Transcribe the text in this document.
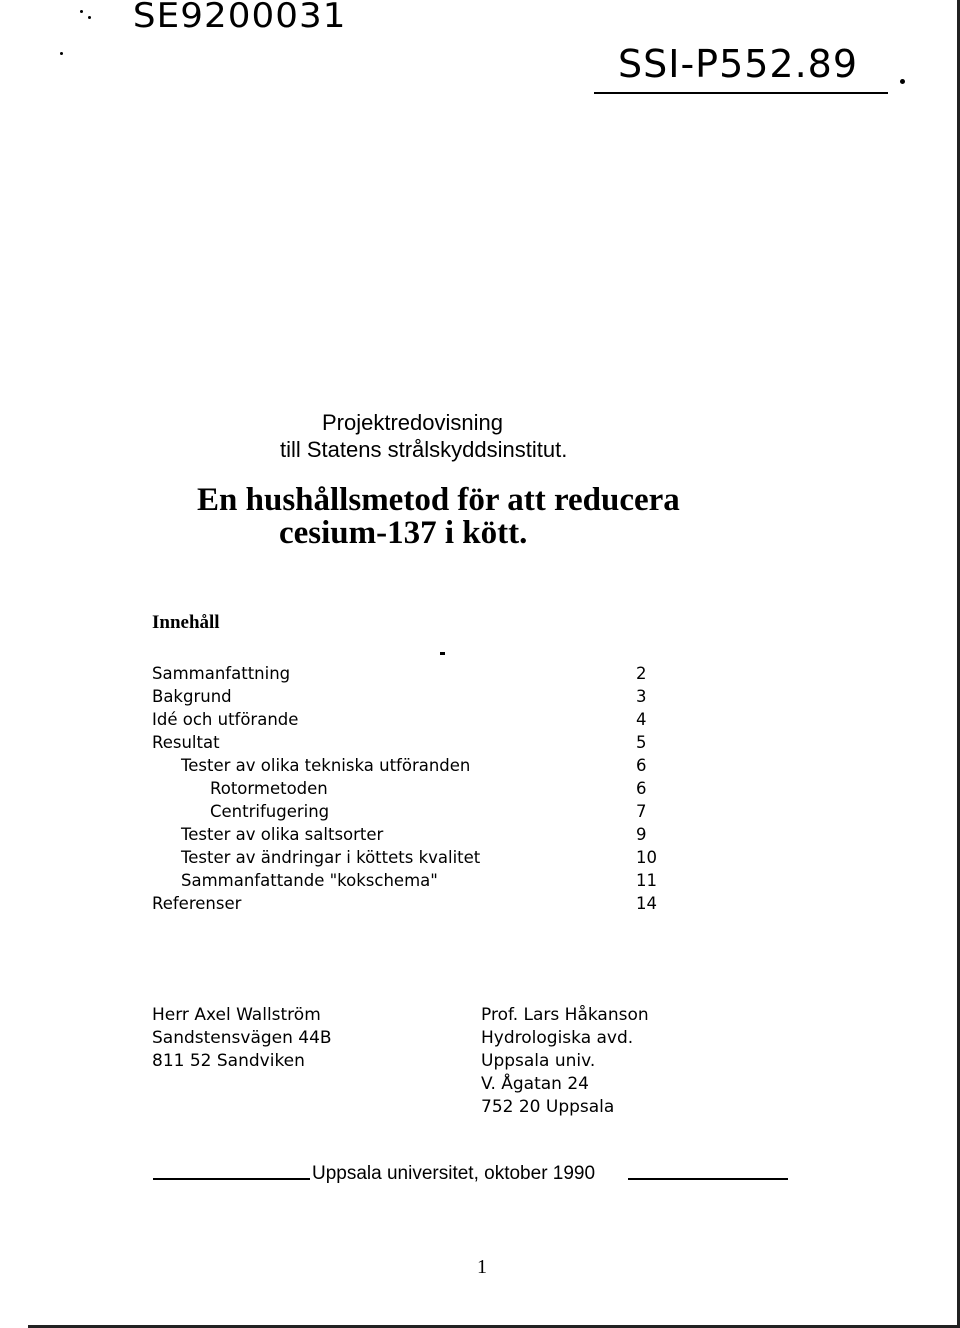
SE9200031
SSI-P552.89
Projektredovisning
till Statens strålskyddsinstitut.
En hushållsmetod för att reducera
cesium-137 i kött.
Innehåll
Sammanfattning	2
Bakgrund	3
Idé och utförande	4
Resultat	5
Tester av olika tekniska utföranden	6
Rotormetoden	6
Centrifugering	7
Tester av olika saltsorter	9
Tester av ändringar i köttets kvalitet	10
Sammanfattande "kokschema"	11
Referenser	14
Herr Axel Wallström
Sandstensvägen 44B
811 52 Sandviken
Prof. Lars Håkanson
Hydrologiska avd.
Uppsala univ.
V. Ågatan 24
752 20 Uppsala
Uppsala universitet, oktober 1990
1
